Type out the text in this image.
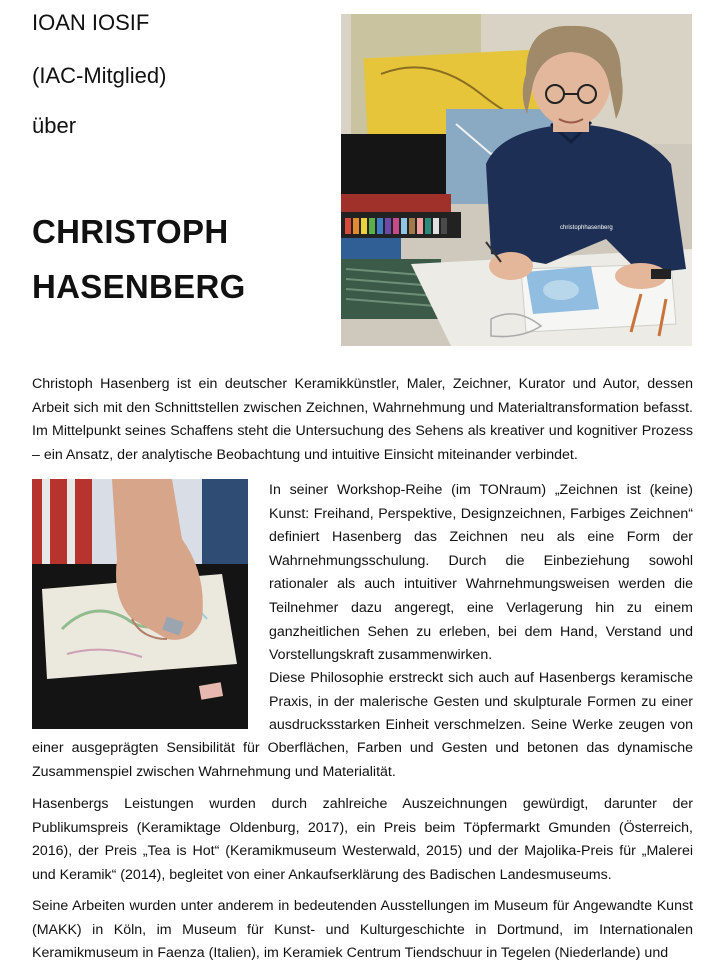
IOAN IOSIF
(IAC-Mitglied)
über
CHRISTOPH
HASENBERG
christophhasenberg

Christoph Hasenberg ist ein deutscher Keramikkünstler, Maler, Zeichner, Kurator und Autor, dessen Arbeit sich mit den Schnittstellen zwischen Zeichnen, Wahrnehmung und Materialtransformation befasst. Im Mittelpunkt seines Schaffens steht die Untersuchung des Sehens als kreativer und kognitiver Prozess – ein Ansatz, der analytische Beobachtung und intuitive Einsicht miteinander verbindet.

In seiner Workshop-Reihe (im TONraum) „Zeichnen ist (keine) Kunst: Freihand, Perspektive, Designzeichnen, Farbiges Zeichnen“ definiert Hasenberg das Zeichnen neu als eine Form der Wahrnehmungsschulung. Durch die Einbeziehung sowohl rationaler als auch intuitiver Wahrnehmungsweisen werden die Teilnehmer dazu angeregt, eine Verlagerung hin zu einem ganzheitlichen Sehen zu erleben, bei dem Hand, Verstand und Vorstellungskraft zusammenwirken.

Diese Philosophie erstreckt sich auch auf Hasenbergs keramische Praxis, in der malerische Gesten und skulpturale Formen zu einer ausdrucksstarken Einheit verschmelzen. Seine Werke zeugen von

einer ausgeprägten Sensibilität für Oberflächen, Farben und Gesten und betonen das dynamische Zusammenspiel zwischen Wahrnehmung und Materialität.

Hasenbergs Leistungen wurden durch zahlreiche Auszeichnungen gewürdigt, darunter der Publikumspreis (Keramiktage Oldenburg, 2017), ein Preis beim Töpfermarkt Gmunden (Österreich, 2016), der Preis „Tea is Hot“ (Keramikmuseum Westerwald, 2015) und der Majolika-Preis für „Malerei und Keramik“ (2014), begleitet von einer Ankaufserklärung des Badischen Landesmuseums.

Seine Arbeiten wurden unter anderem in bedeutenden Ausstellungen im Museum für Angewandte Kunst (MAKK) in Köln, im Museum für Kunst- und Kulturgeschichte in Dortmund, im Internationalen Keramikmuseum in Faenza (Italien), im Keramiek Centrum Tiendschuur in Tegelen (Niederlande) und
